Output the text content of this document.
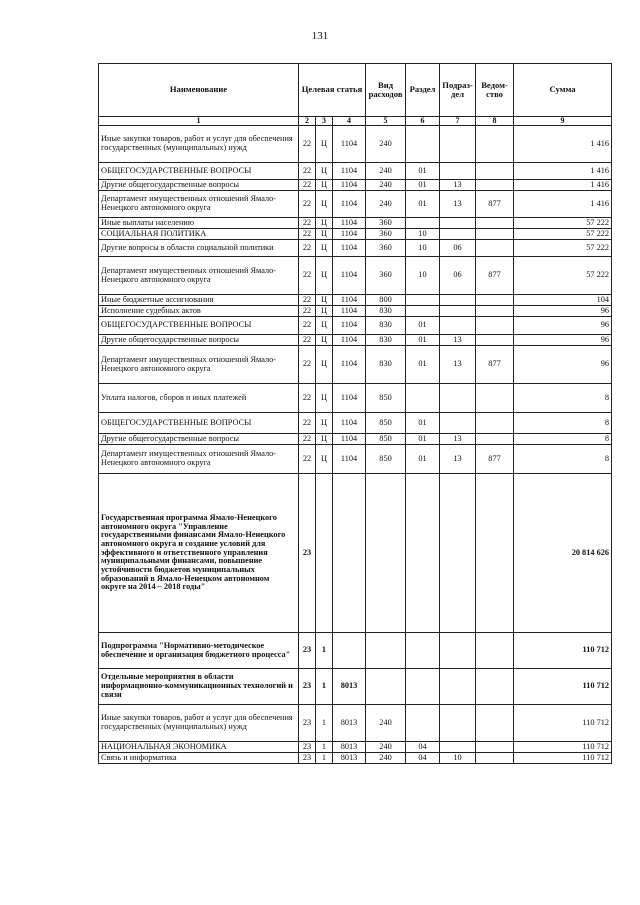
131
Наименование	Целевая статья			Вид расходов	Раздел	Подраз-дел	Ведом-ство	Сумма
1	2	3	4	5	6	7	8	9
Иные закупки товаров, работ и услуг для обеспечения государственных (муниципальных) нужд	22	Ц	1104	240				1 416
ОБЩЕГОСУДАРСТВЕННЫЕ ВОПРОСЫ	22	Ц	1104	240	01			1 416
Другие общегосударственные вопросы	22	Ц	1104	240	01	13		1 416
Департамент имущественных отношений Ямало-Ненецкого автономного округа	22	Ц	1104	240	01	13	877	1 416
Иные выплаты населению	22	Ц	1104	360				57 222
СОЦИАЛЬНАЯ ПОЛИТИКА	22	Ц	1104	360	10			57 222
Другие вопросы в области социальной политики	22	Ц	1104	360	10	06		57 222
Департамент имущественных отношений Ямало-Ненецкого автономного округа	22	Ц	1104	360	10	06	877	57 222
Иные бюджетные ассигнования	22	Ц	1104	800				104
Исполнение судебных актов	22	Ц	1104	830				96
ОБЩЕГОСУДАРСТВЕННЫЕ ВОПРОСЫ	22	Ц	1104	830	01			96
Другие общегосударственные вопросы	22	Ц	1104	830	01	13		96
Департамент имущественных отношений Ямало-Ненецкого автономного округа	22	Ц	1104	830	01	13	877	96
Уплата налогов, сборов и иных платежей	22	Ц	1104	850				8
ОБЩЕГОСУДАРСТВЕННЫЕ ВОПРОСЫ	22	Ц	1104	850	01			8
Другие общегосударственные вопросы	22	Ц	1104	850	01	13		8
Департамент имущественных отношений Ямало-Ненецкого автономного округа	22	Ц	1104	850	01	13	877	8
Государственная программа Ямало-Ненецкого автономного округа "Управление государственными финансами Ямало-Ненецкого автономного округа и создание условий для эффективного и ответственного управления муниципальными финансами, повышение устойчивости бюджетов муниципальных образований в Ямало-Ненецком автономном округе на 2014 – 2018 годы"	23							20 814 626
Подпрограмма "Нормативно-методическое обеспечение и организация бюджетного процесса"	23	1						110 712
Отдельные мероприятия в области информационно-коммуникационных технологий и связи	23	1	8013					110 712
Иные закупки товаров, работ и услуг для обеспечения государственных (муниципальных) нужд	23	1	8013	240				110 712
НАЦИОНАЛЬНАЯ ЭКОНОМИКА	23	1	8013	240	04			110 712
Связь и информатика	23	1	8013	240	04	10		110 712
